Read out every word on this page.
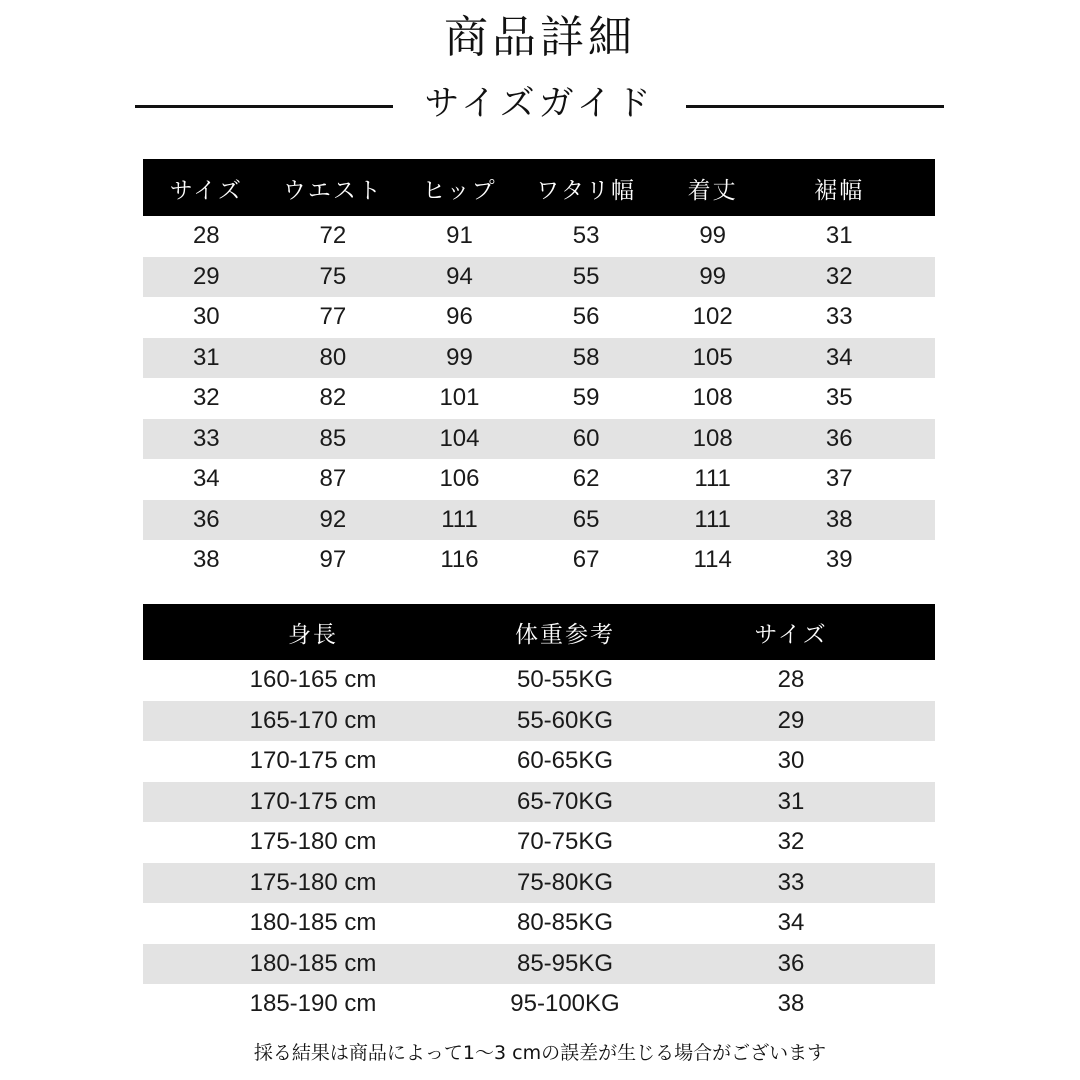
商品詳細
サイズガイド
サイズ	ウエスト	ヒップ	ワタリ幅	着丈	裾幅
28	72	91	53	99	31
29	75	94	55	99	32
30	77	96	56	102	33
31	80	99	58	105	34
32	82	101	59	108	35
33	85	104	60	108	36
34	87	106	62	111	37
36	92	111	65	111	38
38	97	116	67	114	39
身長	体重参考	サイズ
160-165 cm	50-55KG	28
165-170 cm	55-60KG	29
170-175 cm	60-65KG	30
170-175 cm	65-70KG	31
175-180 cm	70-75KG	32
175-180 cm	75-80KG	33
180-185 cm	80-85KG	34
180-185 cm	85-95KG	36
185-190 cm	95-100KG	38
採る結果は商品によって1〜3 cmの誤差が生じる場合がございます
